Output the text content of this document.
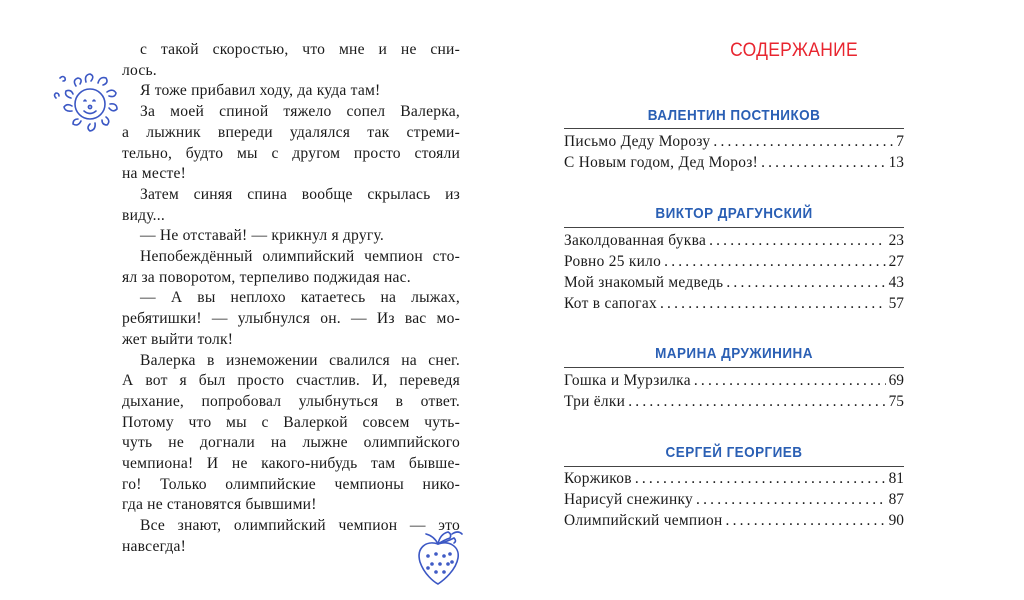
с такой скоростью, что мне и не сни-
лось.
Я тоже прибавил ходу, да куда там!
За моей спиной тяжело сопел Валерка,
а лыжник впереди удалялся так стреми-
тельно, будто мы с другом просто стояли
на месте!
Затем синяя спина вообще скрылась из
виду...
— Не отставай! — крикнул я другу.
Непобеждённый олимпийский чемпион сто-
ял за поворотом, терпеливо поджидая нас.
— А вы неплохо катаетесь на лыжах,
ребятишки! — улыбнулся он. — Из вас мо-
жет выйти толк!
Валерка в изнеможении свалился на снег.
А вот я был просто счастлив. И, переведя
дыхание, попробовал улыбнуться в ответ.
Потому что мы с Валеркой совсем чуть-
чуть не догнали на лыжне олимпийского
чемпиона! И не какого-нибудь там бывше-
го! Только олимпийские чемпионы нико-
гда не становятся бывшими!
Все знают, олимпийский чемпион — это
навсегда!
СОДЕРЖАНИЕ
ВАЛЕНТИН ПОСТНИКОВ
Письмо Деду Морозу .....	7
С Новым годом, Дед Мороз! .....	13
ВИКТОР ДРАГУНСКИЙ
Заколдованная буква .....	23
Ровно 25 кило .....	27
Мой знакомый медведь .....	43
Кот в сапогах .....	57
МАРИНА ДРУЖИНИНА
Гошка и Мурзилка .....	69
Три ёлки .....	75
СЕРГЕЙ ГЕОРГИЕВ
Коржиков .....	81
Нарисуй снежинку .....	87
Олимпийский чемпион .....	90
